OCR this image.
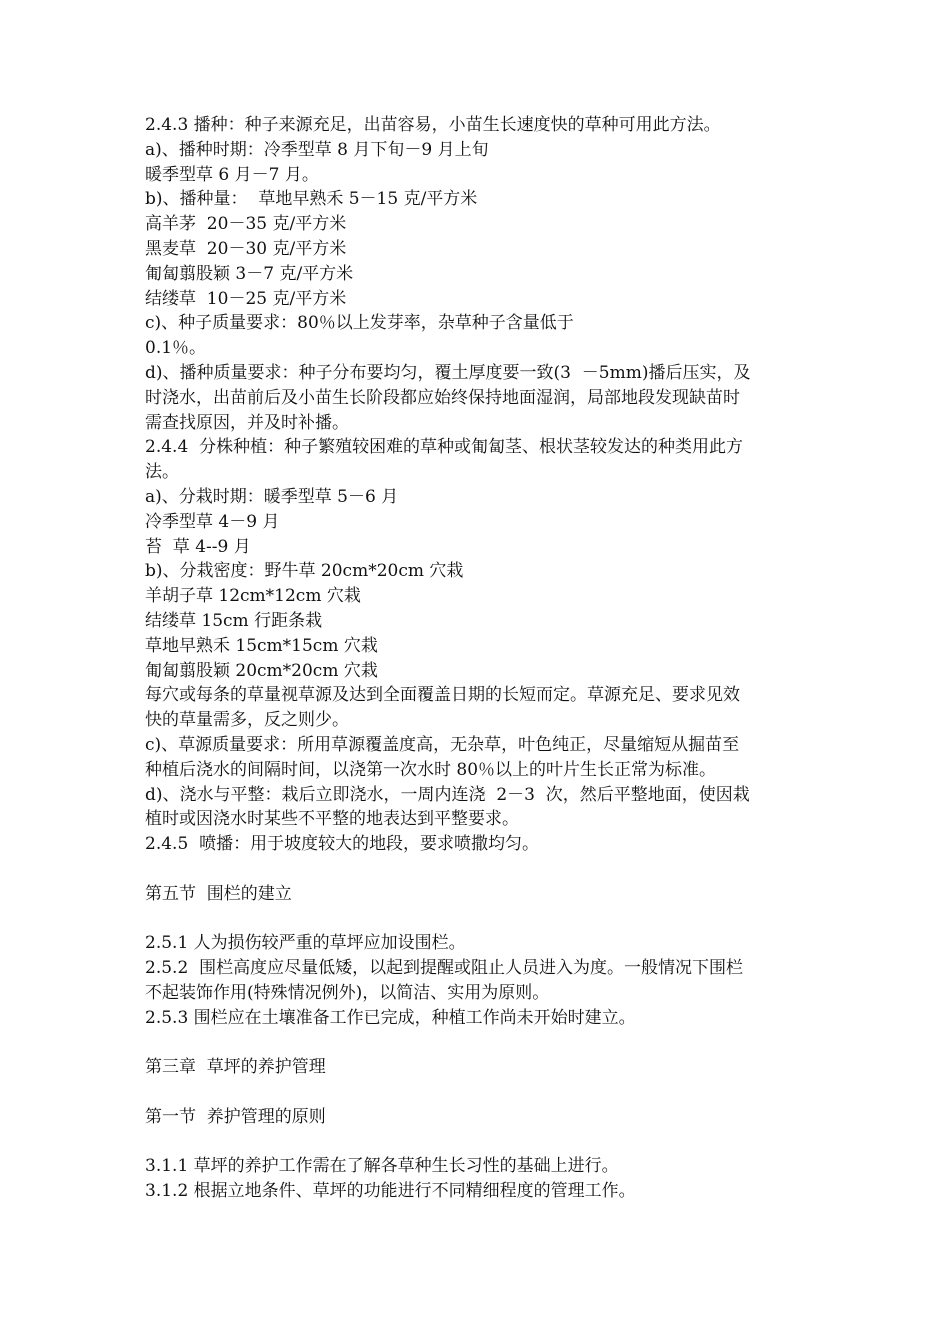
2.4.3 播种：种子来源充足，出苗容易，小苗生长速度快的草种可用此方法。

a)、播种时期：冷季型草 8 月下旬－9 月上旬

暖季型草 6 月－7 月。

b)、播种量：  草地早熟禾 5－15 克/平方米

高羊茅  20－35 克/平方米

黑麦草  20－30 克/平方米

匍匐翦股颖 3－7 克/平方米

结缕草  10－25 克/平方米

c)、种子质量要求：80％以上发芽率，杂草种子含量低于

0.1％。

d)、播种质量要求：种子分布要均匀，覆土厚度要一致(3  －5mm)播后压实，及

时浇水，出苗前后及小苗生长阶段都应始终保持地面湿润，局部地段发现缺苗时

需查找原因，并及时补播。

2.4.4  分株种植：种子繁殖较困难的草种或匍匐茎、根状茎较发达的种类用此方

法。

a)、分栽时期：暖季型草 5－6 月

冷季型草 4－9 月

苔  草 4--9 月

b)、分栽密度：野牛草 20cm*20cm 穴栽

羊胡子草 12cm*12cm 穴栽

结缕草 15cm 行距条栽

草地早熟禾 15cm*15cm 穴栽

匍匐翦股颖 20cm*20cm 穴栽

每穴或每条的草量视草源及达到全面覆盖日期的长短而定。草源充足、要求见效

快的草量需多，反之则少。

c)、草源质量要求：所用草源覆盖度高，无杂草，叶色纯正，尽量缩短从掘苗至

种植后浇水的间隔时间，以浇第一次水时 80％以上的叶片生长正常为标准。

d)、浇水与平整：栽后立即浇水，一周内连浇  2－3  次，然后平整地面，使因栽

植时或因浇水时某些不平整的地表达到平整要求。

2.4.5  喷播：用于坡度较大的地段，要求喷撒均匀。

第五节  围栏的建立

2.5.1 人为损伤较严重的草坪应加设围栏。

2.5.2  围栏高度应尽量低矮，以起到提醒或阻止人员进入为度。一般情况下围栏

不起装饰作用(特殊情况例外)，以简洁、实用为原则。

2.5.3 围栏应在土壤准备工作已完成，种植工作尚未开始时建立。

第三章  草坪的养护管理

第一节  养护管理的原则

3.1.1 草坪的养护工作需在了解各草种生长习性的基础上进行。

3.1.2 根据立地条件、草坪的功能进行不同精细程度的管理工作。
